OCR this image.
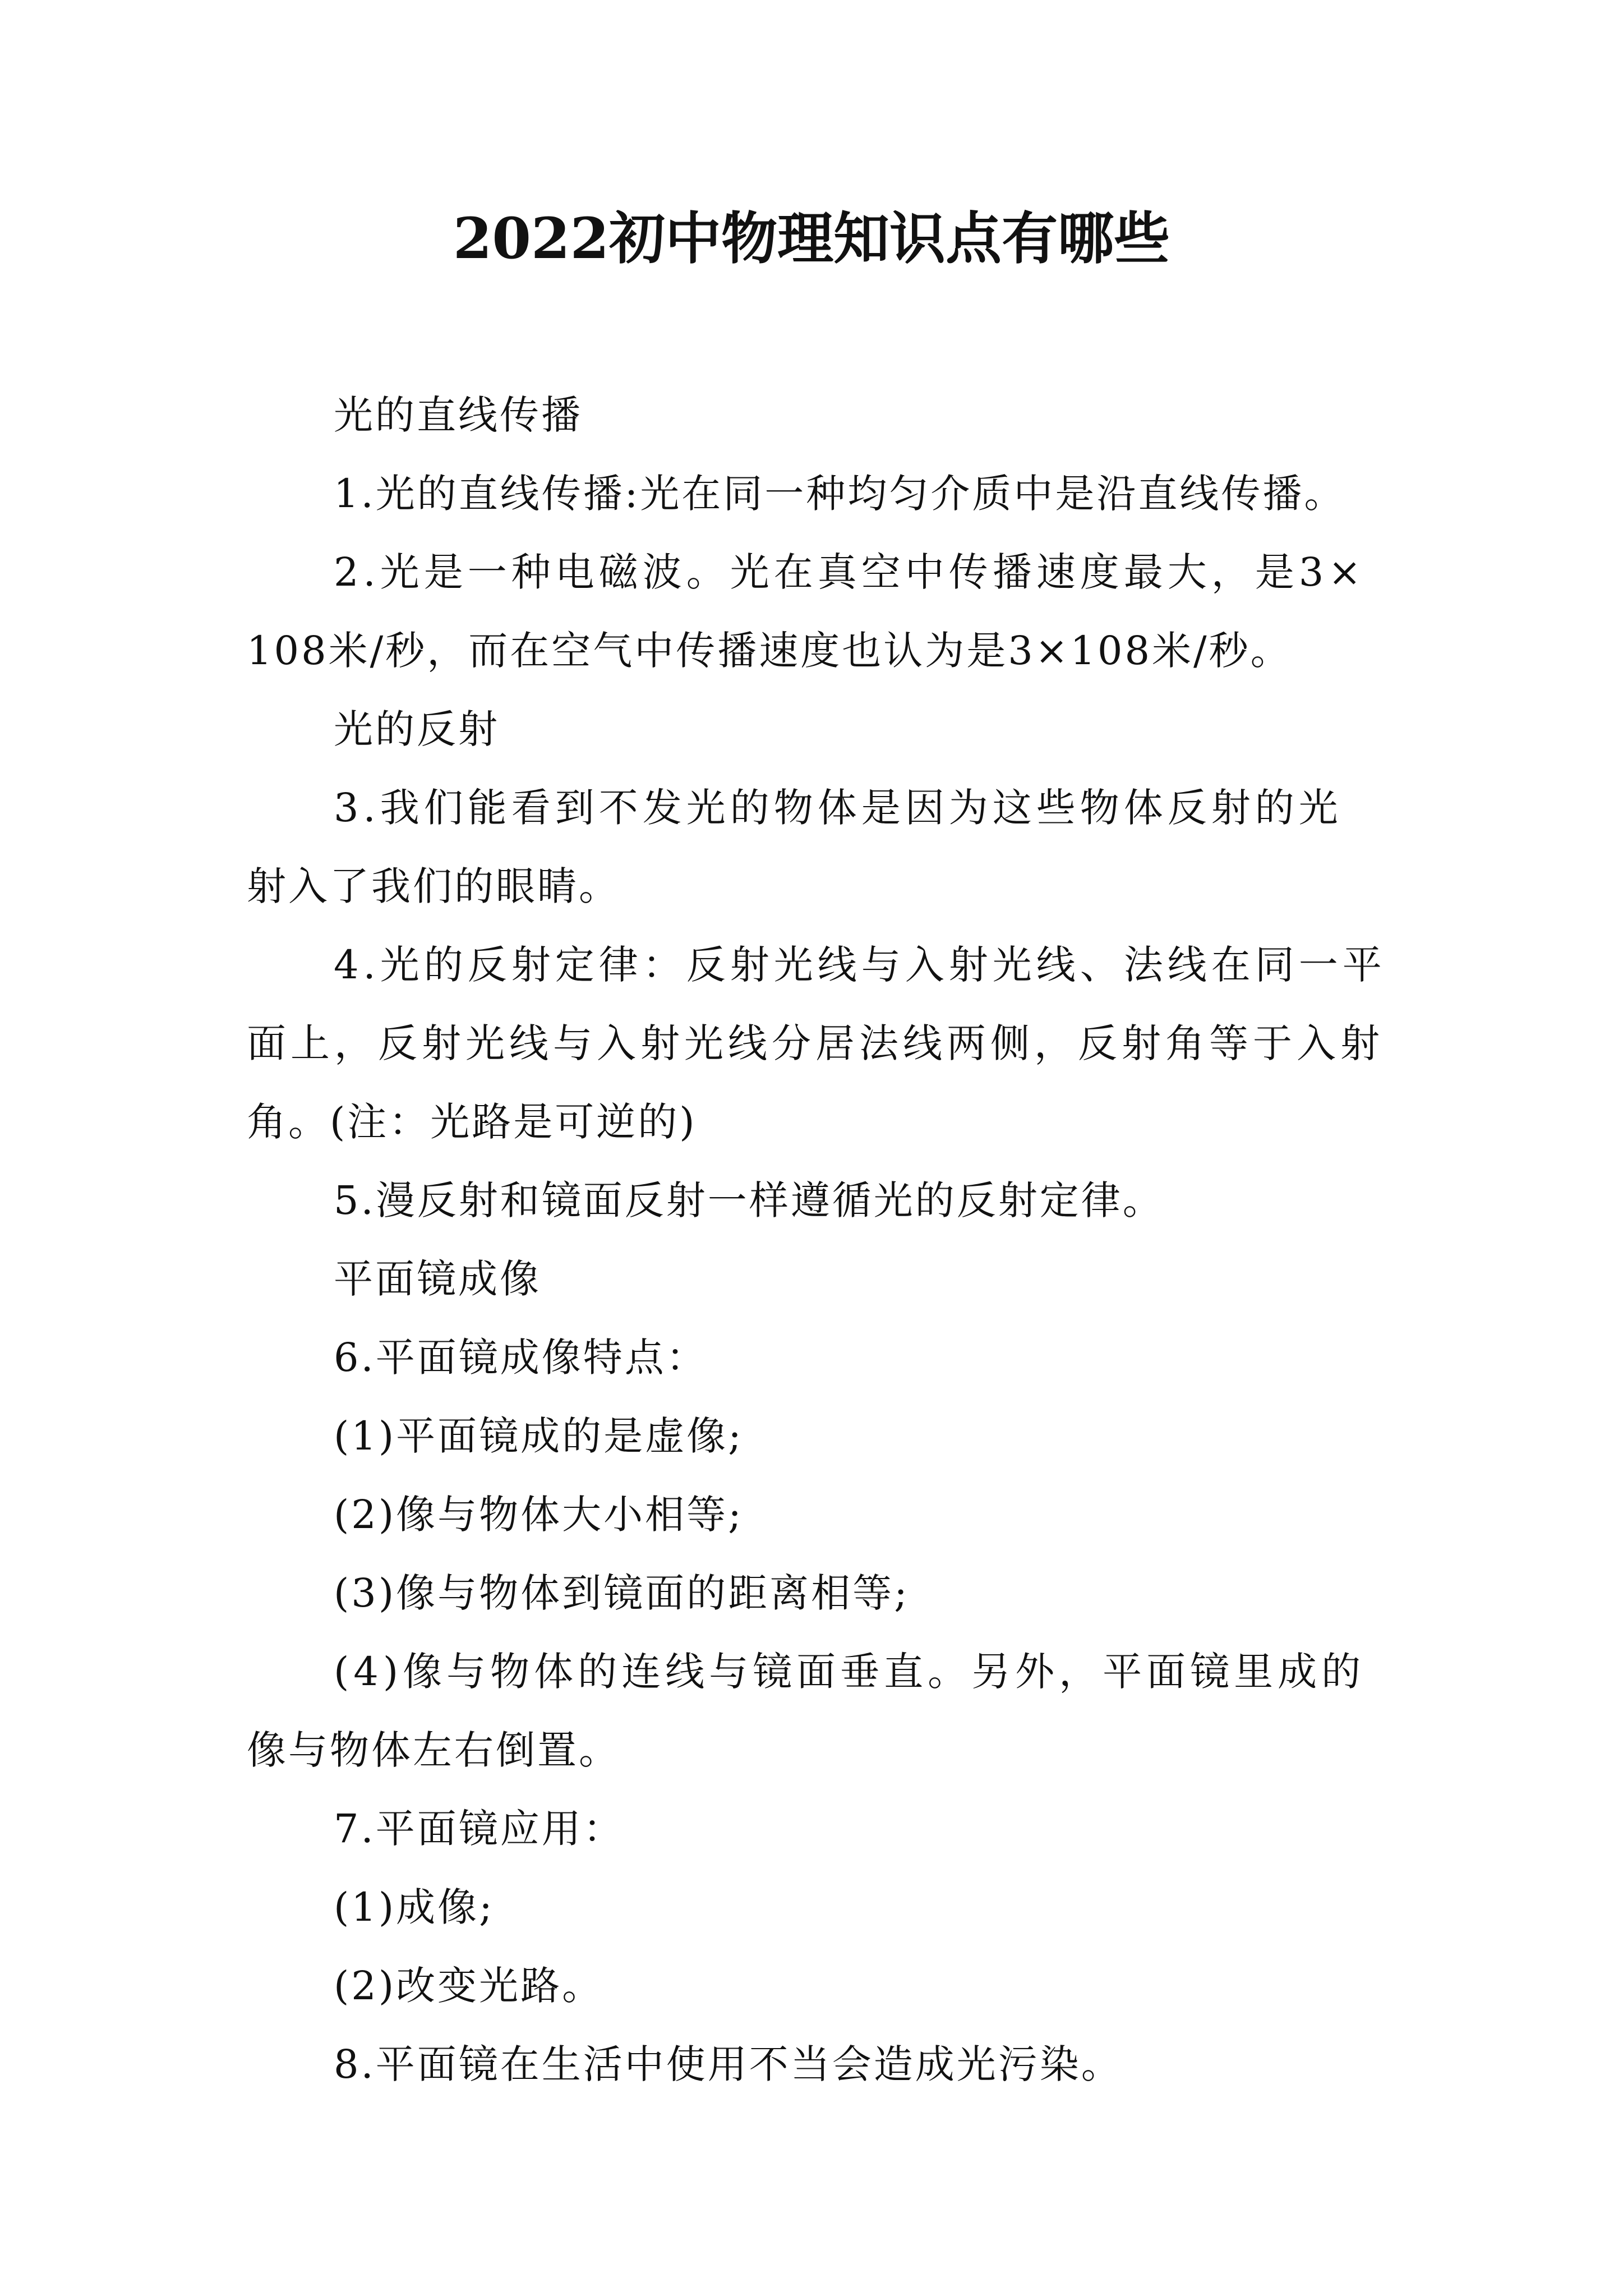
2022初中物理知识点有哪些
光的直线传播
1.光的直线传播:光在同一种均匀介质中是沿直线传播。
2.光是一种电磁波。光在真空中传播速度最大，是3×
108米/秒，而在空气中传播速度也认为是3×108米/秒。
光的反射
3.我们能看到不发光的物体是因为这些物体反射的光
射入了我们的眼睛。
4.光的反射定律：反射光线与入射光线、法线在同一平
面上，反射光线与入射光线分居法线两侧，反射角等于入射
角。(注：光路是可逆的)
5.漫反射和镜面反射一样遵循光的反射定律。
平面镜成像
6.平面镜成像特点：
(1)平面镜成的是虚像;
(2)像与物体大小相等;
(3)像与物体到镜面的距离相等;
(4)像与物体的连线与镜面垂直。另外，平面镜里成的
像与物体左右倒置。
7.平面镜应用：
(1)成像;
(2)改变光路。
8.平面镜在生活中使用不当会造成光污染。
